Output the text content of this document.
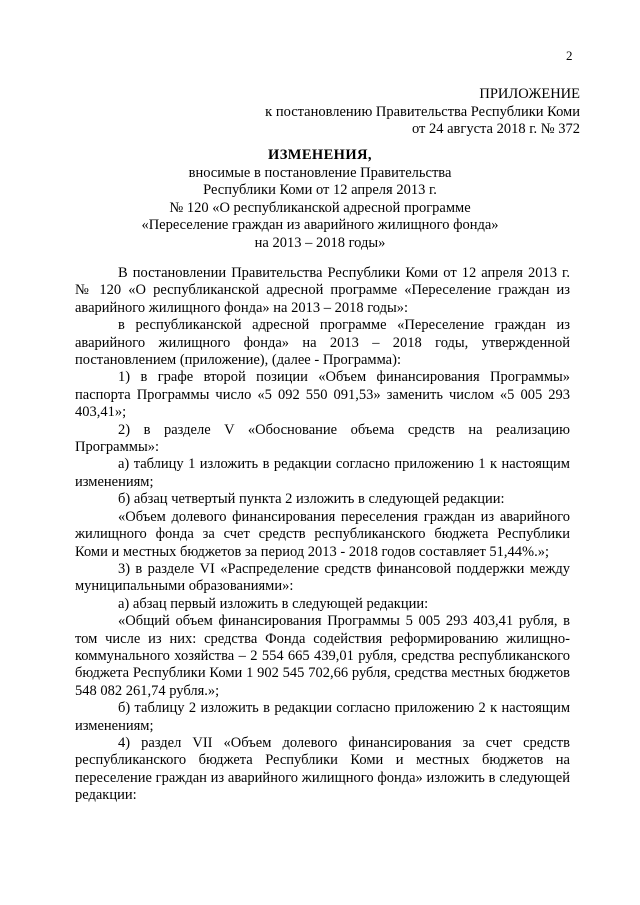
2
ПРИЛОЖЕНИЕ
к постановлению Правительства Республики Коми
от 24 августа 2018 г. № 372
ИЗМЕНЕНИЯ,
вносимые в постановление Правительства
Республики Коми от 12 апреля 2013 г.
№ 120 «О республиканской адресной программе
«Переселение граждан из аварийного жилищного фонда»
на 2013 – 2018 годы»

В постановлении Правительства Республики Коми от 12 апреля 2013 г. № 120 «О республиканской адресной программе «Переселение граждан из аварийного жилищного фонда» на 2013 – 2018 годы»:

в республиканской адресной программе «Переселение граждан из аварийного жилищного фонда» на 2013 – 2018 годы, утвержденной постановлением (приложение), (далее - Программа):

1) в графе второй позиции «Объем финансирования Программы» паспорта Программы число «5 092 550 091,53» заменить числом «5 005 293 403,41»;

2) в разделе V «Обоснование объема средств на реализацию Программы»:

а) таблицу 1 изложить в редакции согласно приложению 1 к настоящим изменениям;

б) абзац четвертый пункта 2 изложить в следующей редакции:

«Объем долевого финансирования переселения граждан из аварийного жилищного фонда за счет средств республиканского бюджета Республики Коми и местных бюджетов за период 2013 - 2018 годов составляет 51,44%.»;

3) в разделе VI «Распределение средств финансовой поддержки между муниципальными образованиями»:

а) абзац первый изложить в следующей редакции:

«Общий объем финансирования Программы 5 005 293 403,41 рубля, в том числе из них: средства Фонда содействия реформированию жилищно-коммунального хозяйства – 2 554 665 439,01 рубля, средства республиканского бюджета Республики Коми 1 902 545 702,66 рубля, средства местных бюджетов 548 082 261,74 рубля.»;

б) таблицу 2 изложить в редакции согласно приложению 2 к настоящим изменениям;

4) раздел VII «Объем долевого финансирования за счет средств республиканского бюджета Республики Коми и местных бюджетов на переселение граждан из аварийного жилищного фонда» изложить в следующей редакции:
